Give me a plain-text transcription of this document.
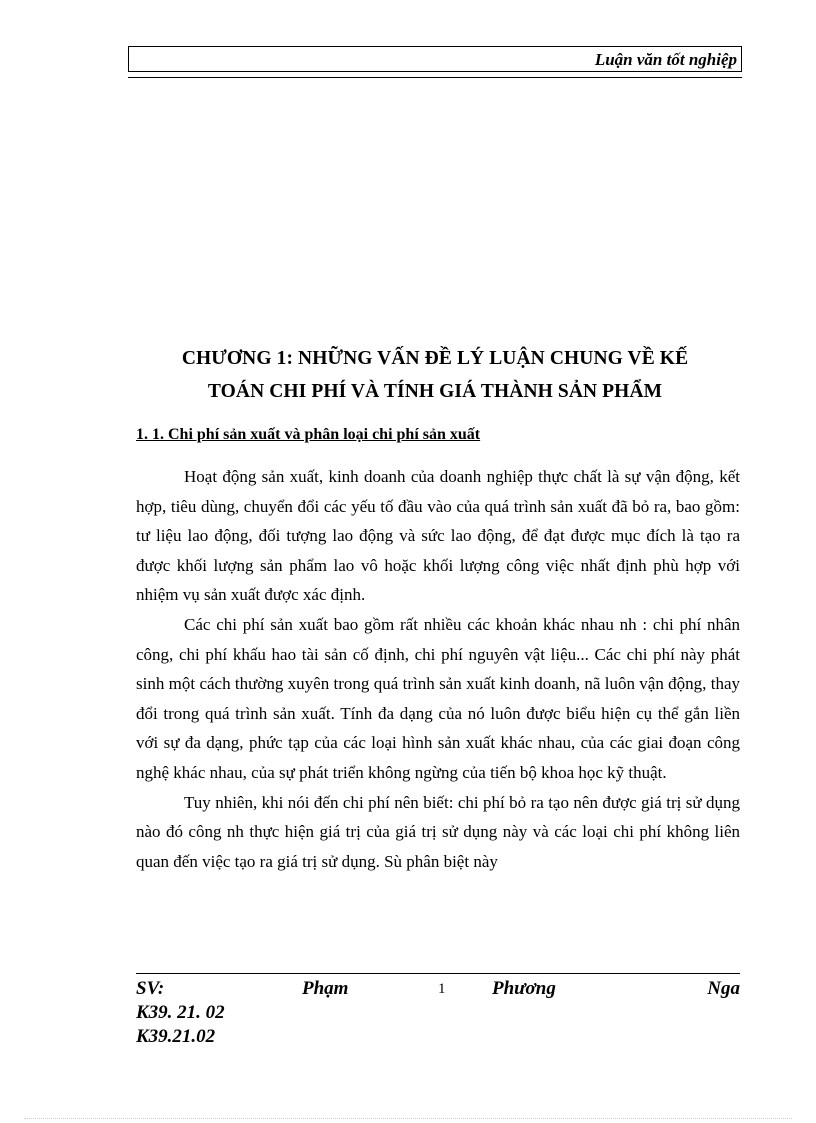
Luận văn tốt nghiệp
CHƯƠNG 1: NHỮNG VẤN ĐỀ LÝ LUẬN CHUNG VỀ KẾ
TOÁN CHI PHÍ VÀ TÍNH GIÁ THÀNH SẢN PHẨM
1. 1. Chi phí sản xuất và phân loại chi phí sản xuất

Hoạt động sản xuất, kinh doanh của doanh nghiệp thực chất là sự vận động, kết hợp, tiêu dùng, chuyển đổi các yếu tố đầu vào của quá trình sản xuất đã bỏ ra, bao gồm: tư liệu lao động, đối tượng lao động và sức lao động, để đạt được mục đích là tạo ra được khối lượng sản phẩm lao vô hoặc khối lượng công việc nhất định phù hợp với nhiệm vụ sản xuất được xác định.

Các chi phí sản xuất bao gồm rất nhiều các khoản khác nhau nh : chi phí nhân công, chi phí khấu hao tài sản cố định, chi phí nguyên vật liệu... Các chi phí này phát sinh một cách thường xuyên trong quá trình sản xuất kinh doanh, nã luôn vận động, thay đổi trong quá trình sản xuất. Tính đa dạng của nó luôn được biểu hiện cụ thể gắn liền với sự đa dạng, phức tạp của các loại hình sản xuất khác nhau, của các giai đoạn công nghệ khác nhau, của sự phát triển không ngừng của tiến bộ khoa học kỹ thuật.

Tuy nhiên, khi nói đến chi phí nên biết: chi phí bỏ ra tạo nên được giá trị sử dụng nào đó công nh thực hiện giá trị của giá trị sử dụng này và các loại chi phí không liên quan đến việc tạo ra giá trị sử dụng. Sù phân biệt này

SV:	Phạm	1 Phương	Nga
K39. 21. 02
K39.21.02
